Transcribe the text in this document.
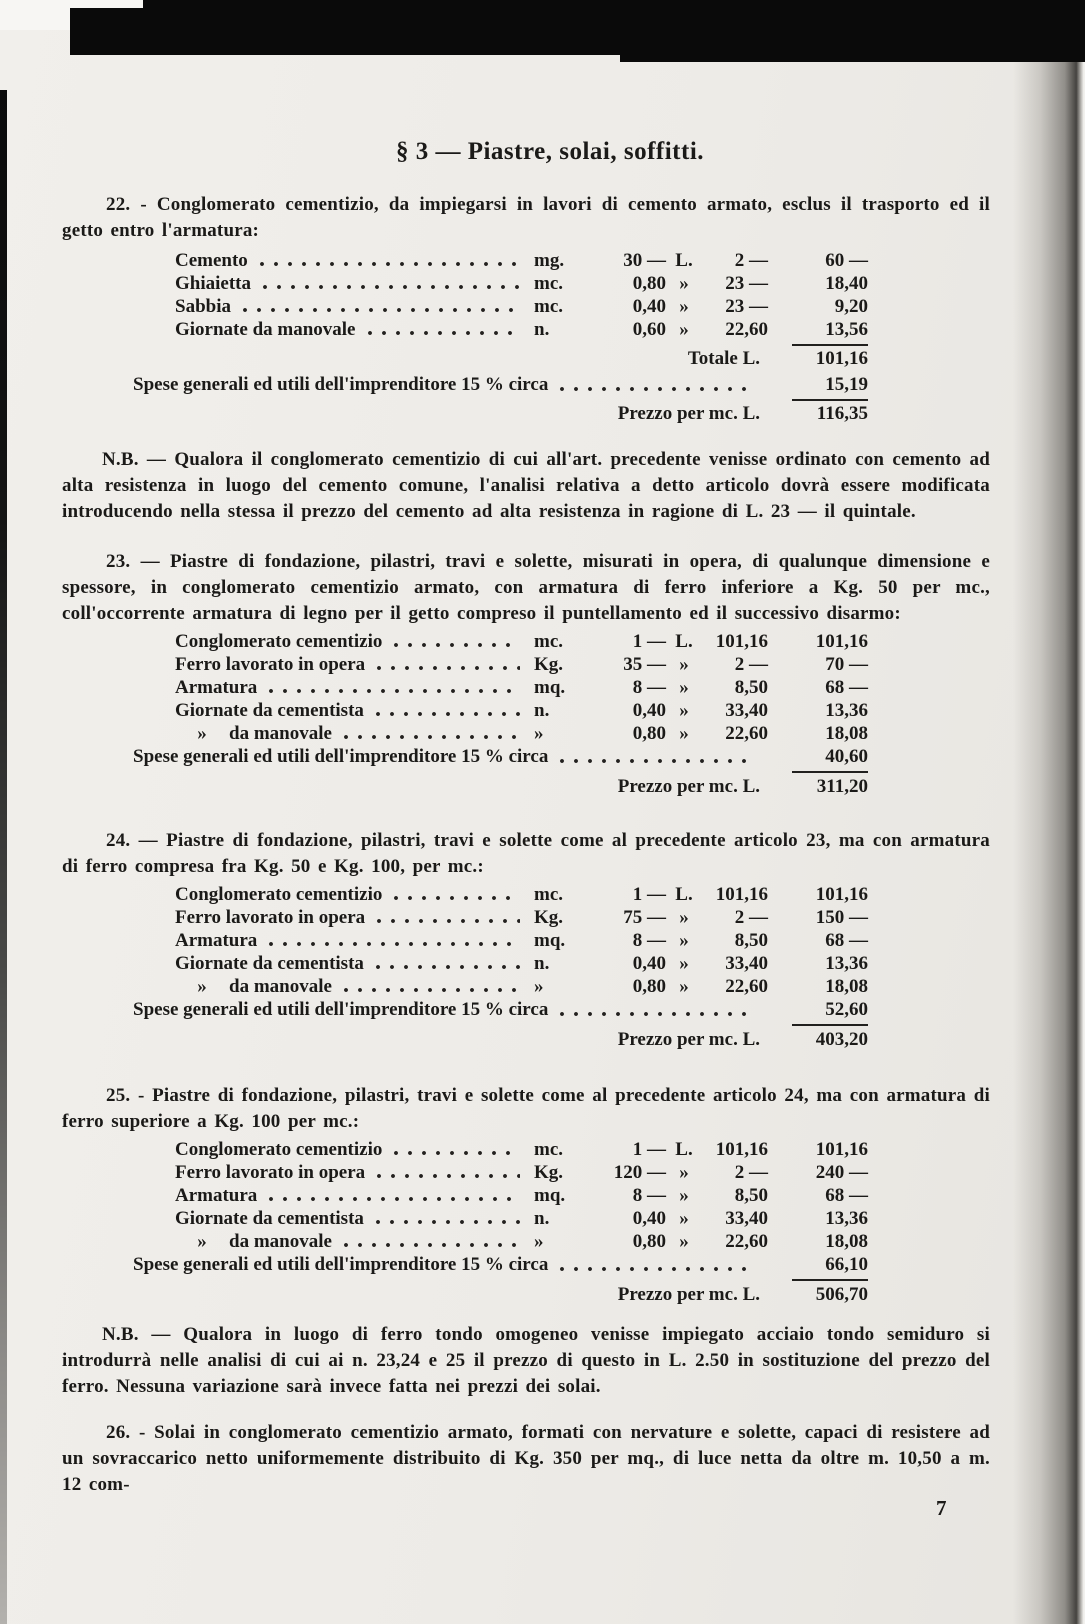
§ 3 — Piastre, solai, soffitti.

22. - Conglomerato cementizio, da impiegarsi in lavori di cemento armato, esclus il trasporto ed il getto entro l'armatura:

Cemento	mg.	30 — L.	2 —	60 —
Ghiaietta	mc.	0,80 »	23 —	18,40
Sabbia	mc.	0,40 »	23 —	9,20
Giornate da manovale	n.	0,60 »	22,60	13,56
Totale L.	101,16
Spese generali ed utili dell'imprenditore 15 % circa	15,19
Prezzo per mc. L.	116,35

N.B. — Qualora il conglomerato cementizio di cui all'art. precedente venisse ordinato con cemento ad alta resistenza in luogo del cemento comune, l'analisi relativa a detto articolo dovrà essere modificata introducendo nella stessa il prezzo del cemento ad alta resistenza in ragione di L. 23 — il quintale.

23. — Piastre di fondazione, pilastri, travi e solette, misurati in opera, di qualunque dimensione e spessore, in conglomerato cementizio armato, con armatura di ferro inferiore a Kg. 50 per mc., coll'occorrente armatura di legno per il getto compreso il puntellamento ed il successivo disarmo:

Conglomerato cementizio	mc.	1 — L.	101,16	101,16
Ferro lavorato in opera	Kg.	35 — »	2 —	70 —
Armatura	mq.	8 — »	8,50	68 —
Giornate da cementista	n.	0,40 »	33,40	13,36
»	da manovale	»	0,80 »	22,60	18,08
Spese generali ed utili dell'imprenditore 15 % circa	40,60
Prezzo per mc. L.	311,20

24. — Piastre di fondazione, pilastri, travi e solette come al precedente articolo 23, ma con armatura di ferro compresa fra Kg. 50 e Kg. 100, per mc.:

Conglomerato cementizio	mc.	1 — L.	101,16	101,16
Ferro lavorato in opera	Kg.	75 — »	2 —	150 —
Armatura	mq.	8 — »	8,50	68 —
Giornate da cementista	n.	0,40 »	33,40	13,36
»	da manovale	»	0,80 »	22,60	18,08
Spese generali ed utili dell'imprenditore 15 % circa	52,60
Prezzo per mc. L.	403,20

25. - Piastre di fondazione, pilastri, travi e solette come al precedente articolo 24, ma con armatura di ferro superiore a Kg. 100 per mc.:

Conglomerato cementizio	mc.	1 — L.	101,16	101,16
Ferro lavorato in opera	Kg.	120 — »	2 —	240 —
Armatura	mq.	8 — »	8,50	68 —
Giornate da cementista	n.	0,40 »	33,40	13,36
»	da manovale	»	0,80 »	22,60	18,08
Spese generali ed utili dell'imprenditore 15 % circa	66,10
Prezzo per mc. L.	506,70

N.B. — Qualora in luogo di ferro tondo omogeneo venisse impiegato acciaio tondo semiduro si introdurrà nelle analisi di cui ai n. 23,24 e 25 il prezzo di questo in L. 2.50 in sostituzione del prezzo del ferro. Nessuna variazione sarà invece fatta nei prezzi dei solai.

26. - Solai in conglomerato cementizio armato, formati con nervature e solette, capaci di resistere ad un sovraccarico netto uniformemente distribuito di Kg. 350 per mq., di luce netta da oltre m. 10,50 a m. 12 com-

7
